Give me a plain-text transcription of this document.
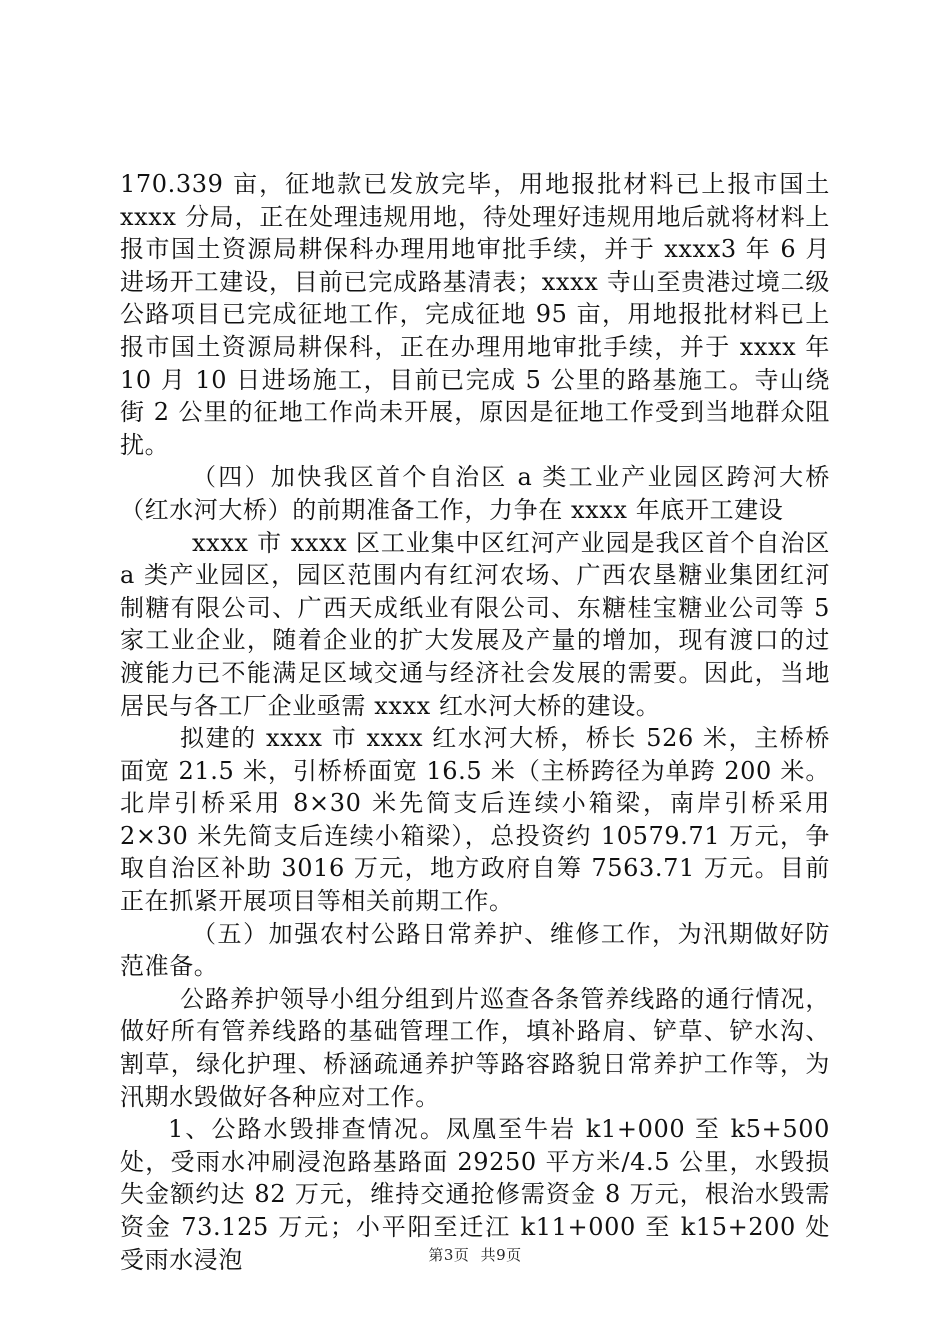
170.339 亩，征地款已发放完毕，用地报批材料已上报市国土 xxxx 分局，正在处理违规用地，待处理好违规用地后就将材料上报市国土资源局耕保科办理用地审批手续，并于 xxxx3 年 6 月进场开工建设，目前已完成路基清表；xxxx 寺山至贵港过境二级公路项目已完成征地工作，完成征地 95 亩，用地报批材料已上报市国土资源局耕保科，正在办理用地审批手续，并于 xxxx 年 10 月 10 日进场施工，目前已完成 5 公里的路基施工。寺山绕街 2 公里的征地工作尚未开展，原因是征地工作受到当地群众阻扰。

（四）加快我区首个自治区 a 类工业产业园区跨河大桥（红水河大桥）的前期准备工作，力争在 xxxx 年底开工建设

xxxx 市 xxxx 区工业集中区红河产业园是我区首个自治区 a 类产业园区，园区范围内有红河农场、广西农垦糖业集团红河制糖有限公司、广西天成纸业有限公司、东糖桂宝糖业公司等 5 家工业企业，随着企业的扩大发展及产量的增加，现有渡口的过渡能力已不能满足区域交通与经济社会发展的需要。因此，当地居民与各工厂企业亟需 xxxx 红水河大桥的建设。

拟建的 xxxx 市 xxxx 红水河大桥，桥长 526 米，主桥桥面宽 21.5 米，引桥桥面宽 16.5 米（主桥跨径为单跨 200 米。北岸引桥采用 8×30 米先简支后连续小箱梁，南岸引桥采用 2×30 米先简支后连续小箱梁），总投资约 10579.71 万元，争取自治区补助 3016 万元，地方政府自筹 7563.71 万元。目前正在抓紧开展项目等相关前期工作。

（五）加强农村公路日常养护、维修工作，为汛期做好防范准备。

公路养护领导小组分组到片巡查各条管养线路的通行情况，做好所有管养线路的基础管理工作，填补路肩、铲草、铲水沟、割草，绿化护理、桥涵疏通养护等路容路貌日常养护工作等，为汛期水毁做好各种应对工作。

1、公路水毁排查情况。凤凰至牛岩 k1+000 至 k5+500 处，受雨水冲刷浸泡路基路面 29250 平方米/4.5 公里，水毁损失金额约达 82 万元，维持交通抢修需资金 8 万元，根治水毁需资金 73.125 万元；小平阳至迁江 k11+000 至 k15+200 处受雨水浸泡	第3页 共9页
